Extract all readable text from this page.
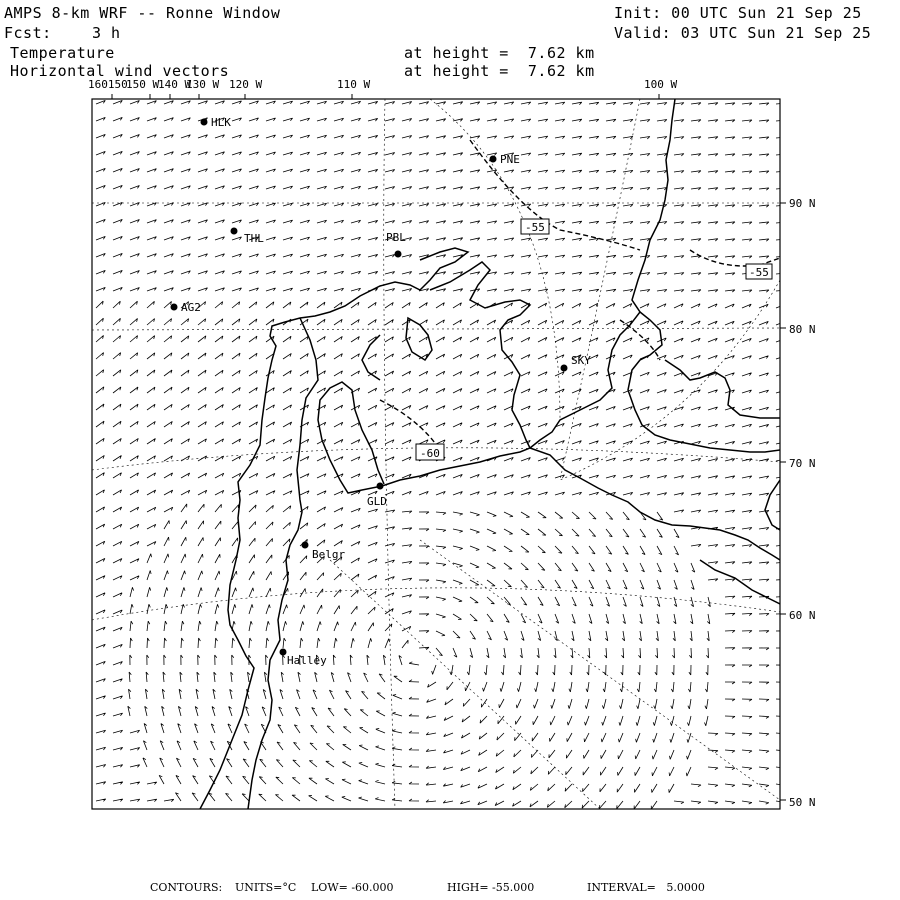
AMPS 8-km WRF -- Ronne Window
Fcst:	3 h
Temperature
Horizontal wind vectors
Init: 00 UTC Sun 21 Sep 25
Valid: 03 UTC Sun 21 Sep 25
at height =  7.62 km
at height =  7.62 km
160150
150 W
140 W
130 W 120 W	110 W	100 W
90 N
80 N
70 N
60 N
50 N
HLK
PNE
THL	PBL
AG2
SKY
GLD
Belgr
Halley
-55
-55
-60
CONTOURS: UNITS=°C LOW= -60.000	HIGH= -55.000	INTERVAL=   5.0000
